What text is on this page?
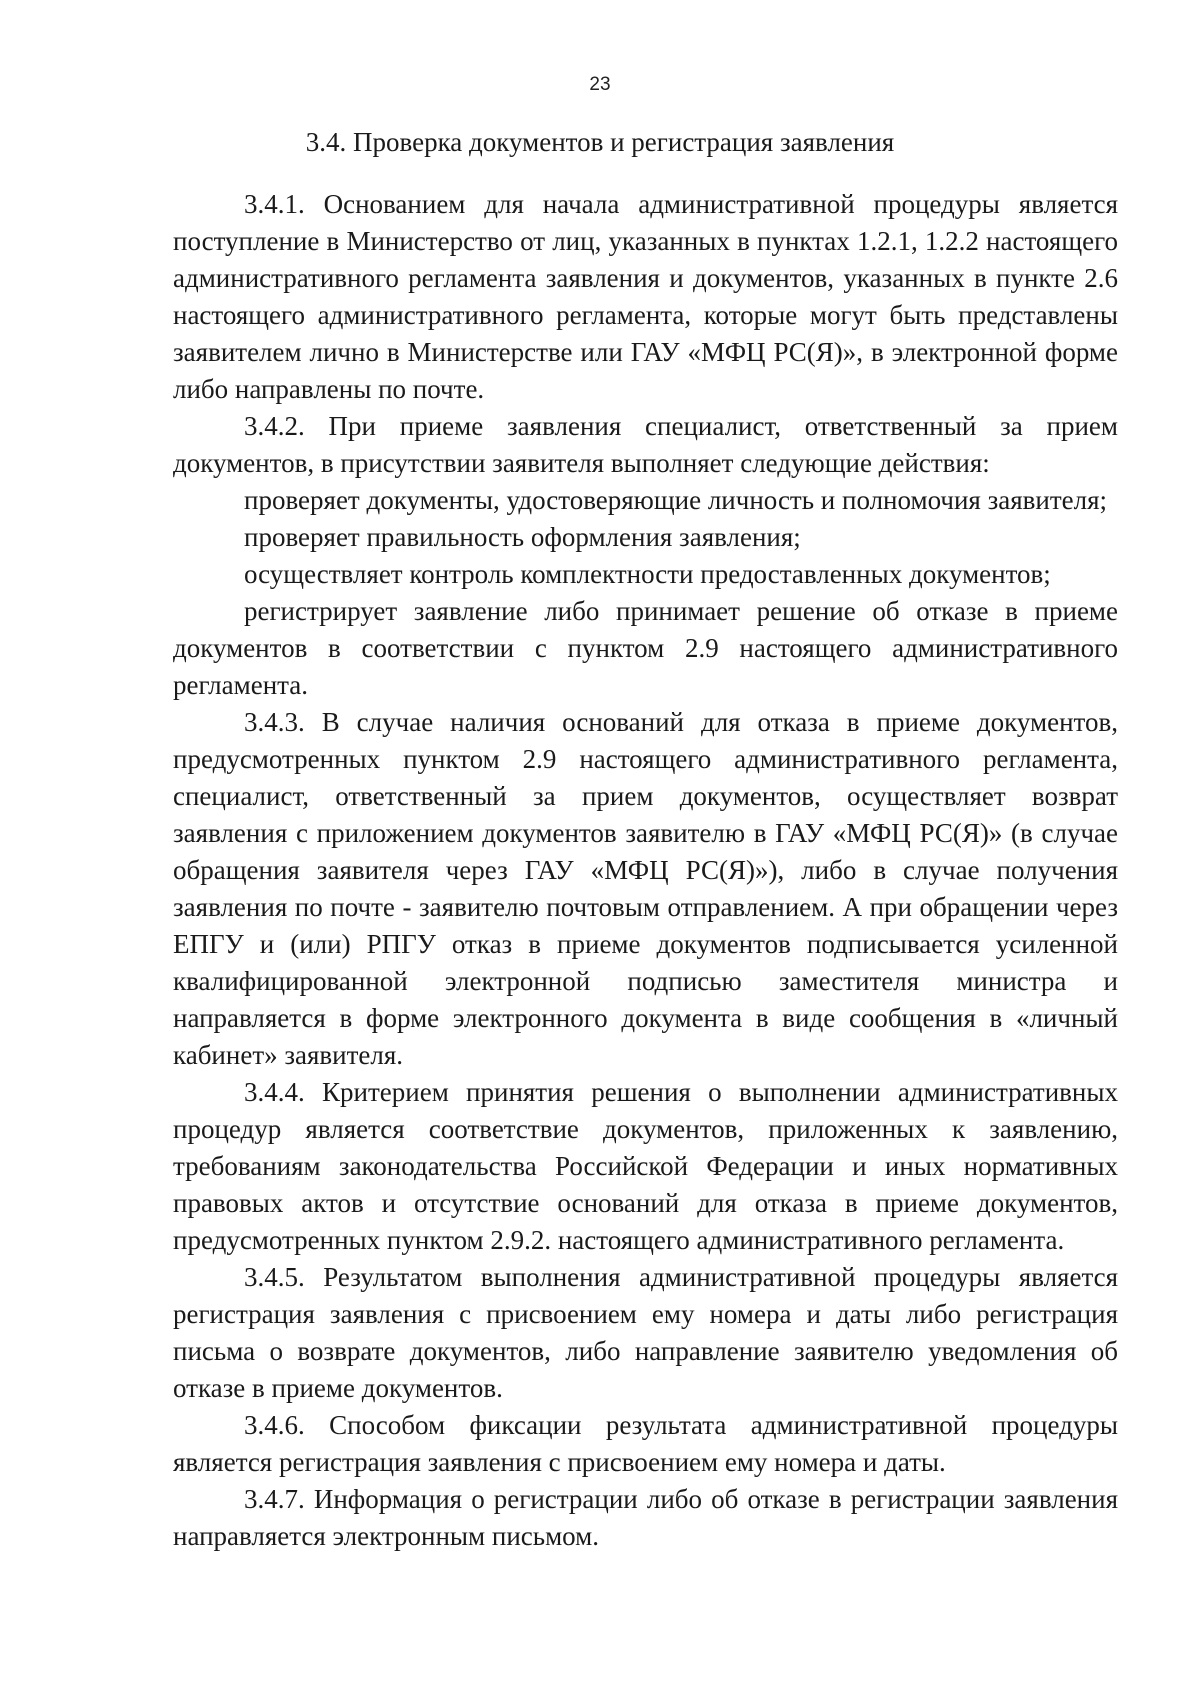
23
3.4. Проверка документов и регистрация заявления

3.4.1. Основанием для начала административной процедуры является поступление в Министерство от лиц, указанных в пунктах 1.2.1, 1.2.2 настоящего административного регламента заявления и документов, указанных в пункте 2.6 настоящего административного регламента, которые могут быть представлены заявителем лично в Министерстве или ГАУ «МФЦ РС(Я)», в электронной форме либо направлены по почте.

3.4.2. При приеме заявления специалист, ответственный за прием документов, в присутствии заявителя выполняет следующие действия:

проверяет документы, удостоверяющие личность и полномочия заявителя;

проверяет правильность оформления заявления;

осуществляет контроль комплектности предоставленных документов;

регистрирует заявление либо принимает решение об отказе в приеме документов в соответствии с пунктом 2.9 настоящего административного регламента.

3.4.3. В случае наличия оснований для отказа в приеме документов, предусмотренных пунктом 2.9 настоящего административного регламента, специалист, ответственный за прием документов, осуществляет возврат заявления с приложением документов заявителю в ГАУ «МФЦ РС(Я)» (в случае обращения заявителя через ГАУ «МФЦ РС(Я)»), либо в случае получения заявления по почте - заявителю почтовым отправлением. А при обращении через ЕПГУ и (или) РПГУ отказ в приеме документов подписывается усиленной квалифицированной электронной подписью заместителя министра и направляется в форме электронного документа в виде сообщения в «личный кабинет» заявителя.

3.4.4. Критерием принятия решения о выполнении административных процедур является соответствие документов, приложенных к заявлению, требованиям законодательства Российской Федерации и иных нормативных правовых актов и отсутствие оснований для отказа в приеме документов, предусмотренных пунктом 2.9.2. настоящего административного регламента.

3.4.5. Результатом выполнения административной процедуры является регистрация заявления с присвоением ему номера и даты либо регистрация письма о возврате документов, либо направление заявителю уведомления об отказе в приеме документов.

3.4.6. Способом фиксации результата административной процедуры является регистрация заявления с присвоением ему номера и даты.

3.4.7. Информация о регистрации либо об отказе в регистрации заявления направляется электронным письмом.
